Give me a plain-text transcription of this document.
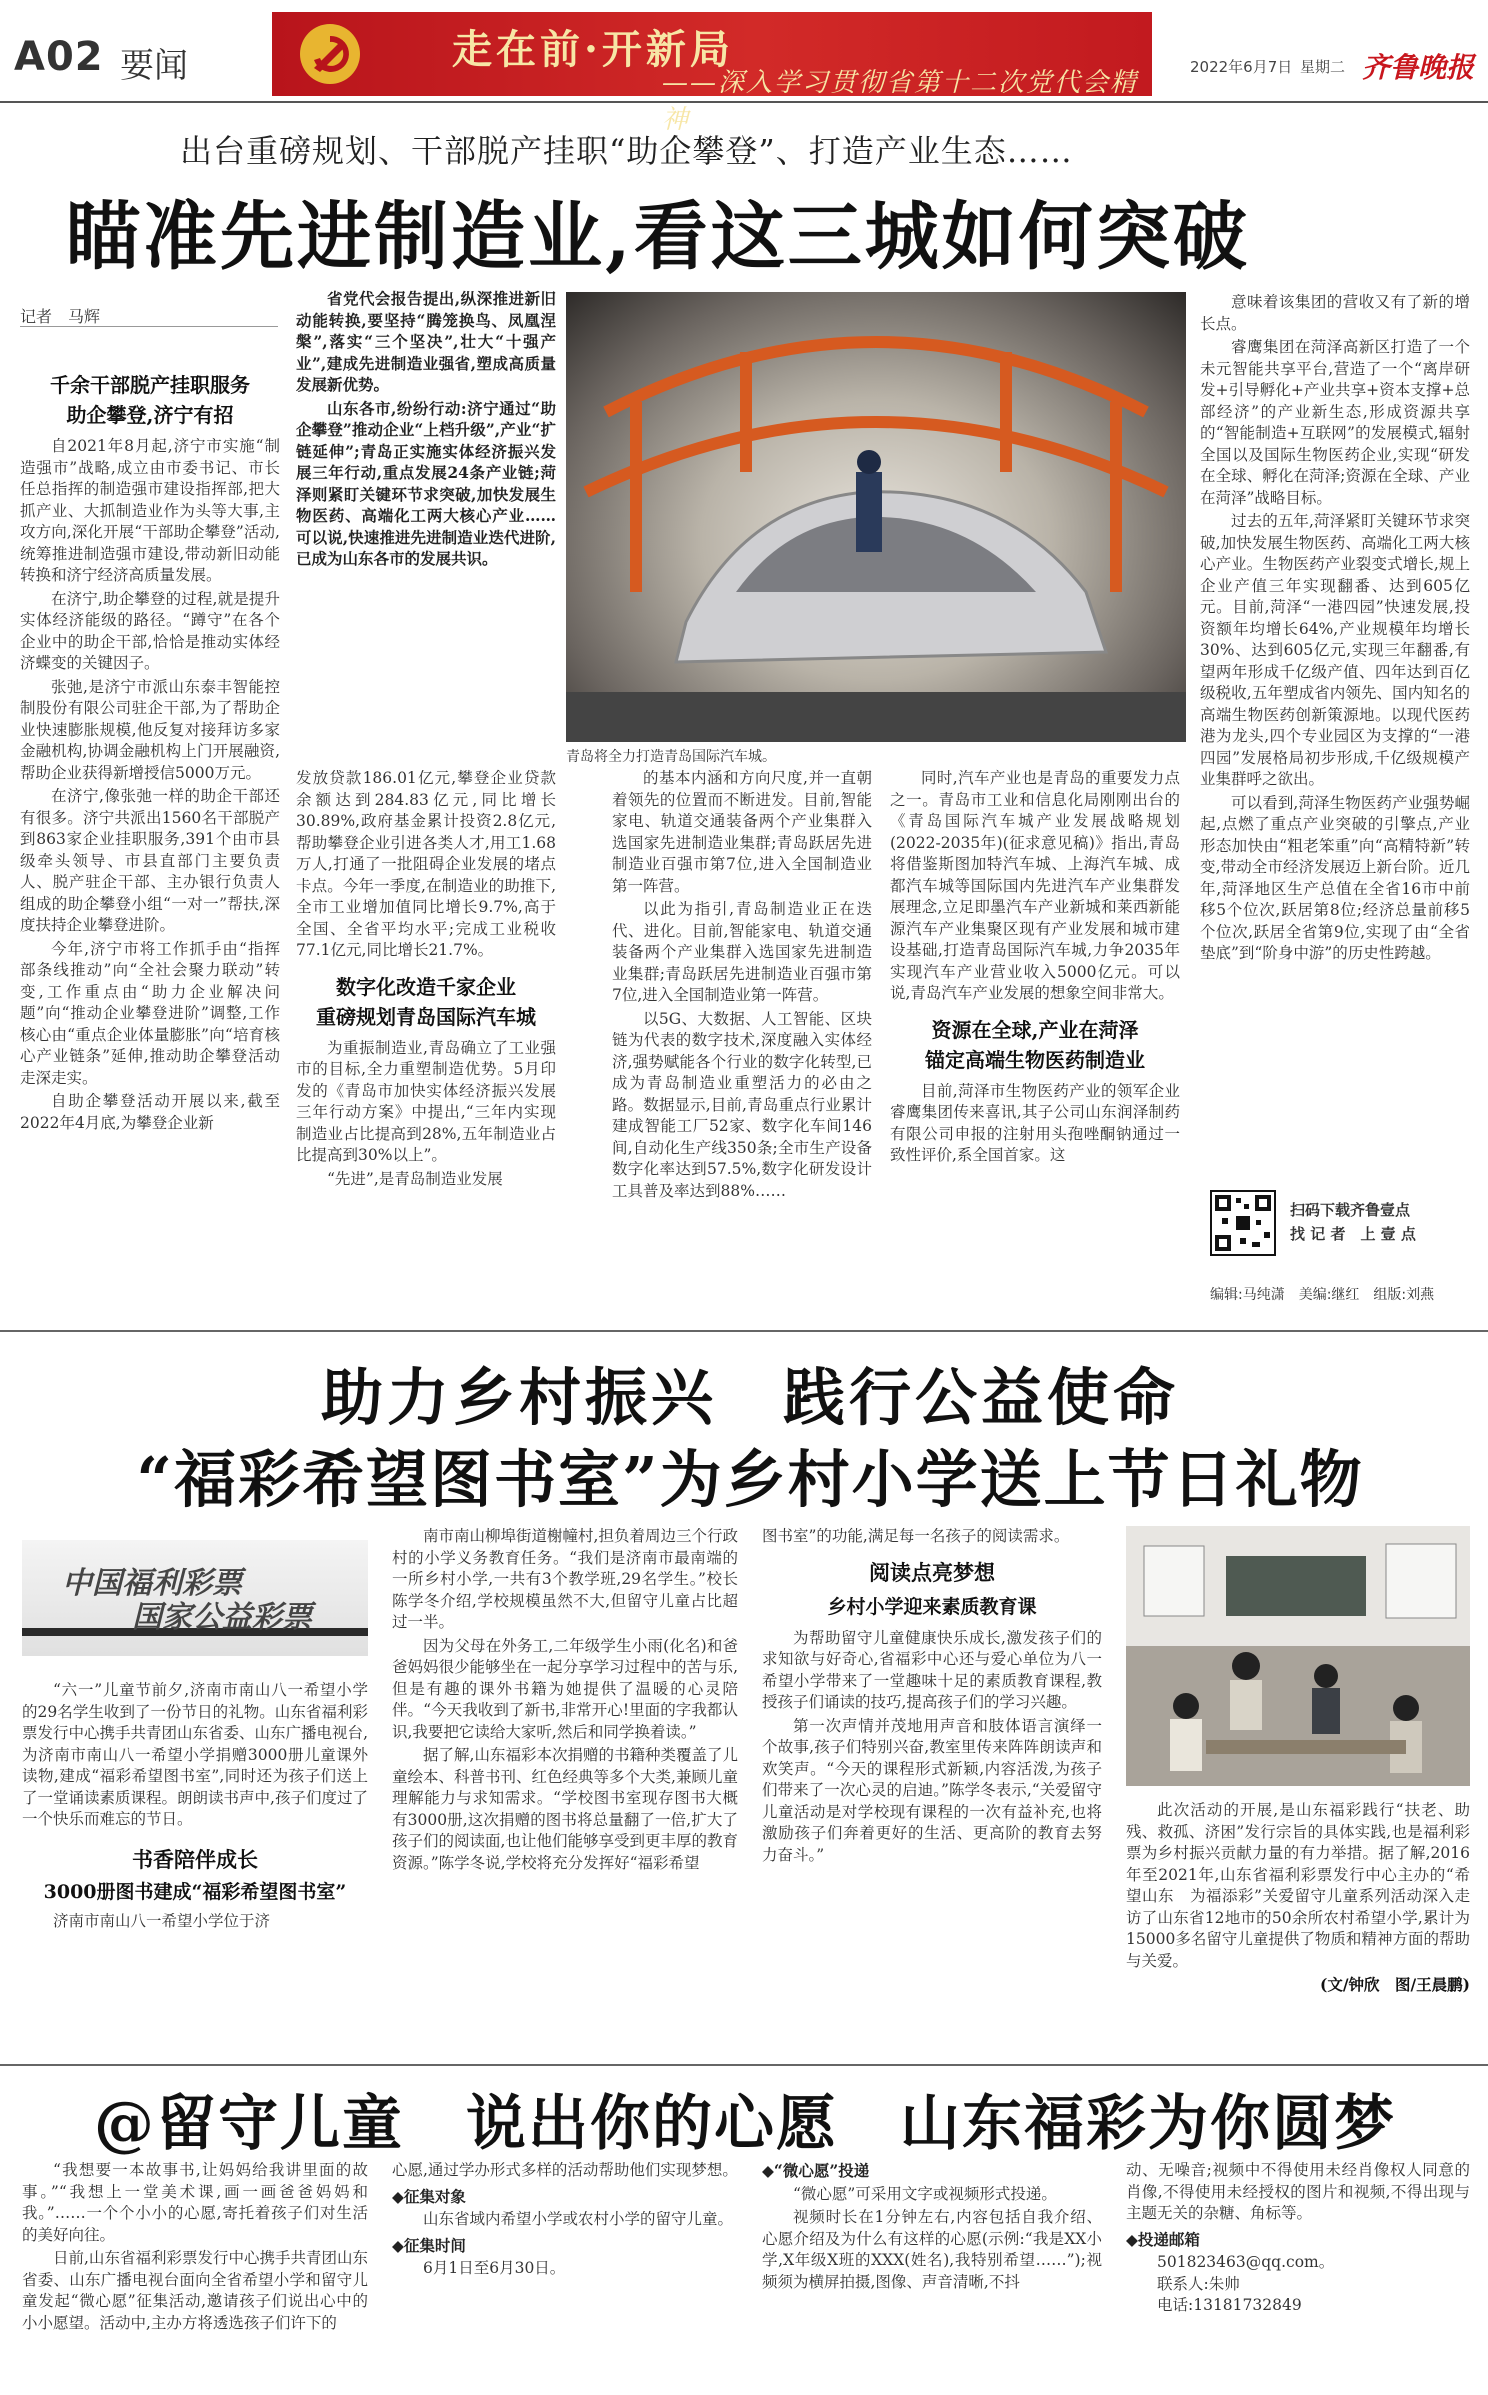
A02 要闻	走在前·开新局
——深入学习贯彻省第十二次党代会精神
2022年6月7日 星期二 齐鲁晚报
出台重磅规划、干部脱产挂职“助企攀登”、打造产业生态……
瞄准先进制造业,看这三城如何突破
记者　马辉
千余干部脱产挂职服务
助企攀登,济宁有招

自2021年8月起,济宁市实施“制造强市”战略,成立由市委书记、市长任总指挥的制造强市建设指挥部,把大抓产业、大抓制造业作为头等大事,主攻方向,深化开展“干部助企攀登”活动,统筹推进制造强市建设,带动新旧动能转换和济宁经济高质量发展。

在济宁,助企攀登的过程,就是提升实体经济能级的路径。“蹲守”在各个企业中的助企干部,恰恰是推动实体经济蝶变的关键因子。

张弛,是济宁市派山东泰丰智能控制股份有限公司驻企干部,为了帮助企业快速膨胀规模,他反复对接拜访多家金融机构,协调金融机构上门开展融资,帮助企业获得新增授信5000万元。

在济宁,像张弛一样的助企干部还有很多。济宁共派出1560名干部脱产到863家企业挂职服务,391个由市县级牵头领导、市县直部门主要负责人、脱产驻企干部、主办银行负责人组成的助企攀登小组“一对一”帮扶,深度扶持企业攀登进阶。

今年,济宁市将工作抓手由“指挥部条线推动”向“全社会聚力联动”转变,工作重点由“助力企业解决问题”向“推动企业攀登进阶”调整,工作核心由“重点企业体量膨胀”向“培育核心产业链条”延伸,推动助企攀登活动走深走实。

自助企攀登活动开展以来,截至2022年4月底,为攀登企业新

省党代会报告提出,纵深推进新旧动能转换,要坚持“腾笼换鸟、凤凰涅槃”,落实“三个坚决”,壮大“十强产业”,建成先进制造业强省,塑成高质量发展新优势。

山东各市,纷纷行动:济宁通过“助企攀登”推动企业“上档升级”,产业“扩链延伸”;青岛正实施实体经济振兴发展三年行动,重点发展24条产业链;菏泽则紧盯关键环节求突破,加快发展生物医药、高端化工两大核心产业……可以说,快速推进先进制造业迭代进阶,已成为山东各市的发展共识。

发放贷款186.01亿元,攀登企业贷款余额达到284.83亿元,同比增长30.89%,政府基金累计投资2.8亿元,帮助攀登企业引进各类人才,用工1.68万人,打通了一批阻碍企业发展的堵点卡点。今年一季度,在制造业的助推下,全市工业增加值同比增长9.7%,高于全国、全省平均水平;完成工业税收77.1亿元,同比增长21.7%。

数字化改造千家企业
重磅规划青岛国际汽车城

为重振制造业,青岛确立了工业强市的目标,全力重塑制造优势。5月印发的《青岛市加快实体经济振兴发展三年行动方案》中提出,“三年内实现制造业占比提高到28%,五年制造业占比提高到30%以上”。

“先进”,是青岛制造业发展

青岛将全力打造青岛国际汽车城。

的基本内涵和方向尺度,并一直朝着领先的位置而不断进发。目前,智能家电、轨道交通装备两个产业集群入选国家先进制造业集群;青岛跃居先进制造业百强市第7位,进入全国制造业第一阵营。

以此为指引,青岛制造业正在迭代、进化。目前,智能家电、轨道交通装备两个产业集群入选国家先进制造业集群;青岛跃居先进制造业百强市第7位,进入全国制造业第一阵营。

以5G、大数据、人工智能、区块链为代表的数字技术,深度融入实体经济,强势赋能各个行业的数字化转型,已成为青岛制造业重塑活力的必由之路。数据显示,目前,青岛重点行业累计建成智能工厂52家、数字化车间146间,自动化生产线350条;全市生产设备数字化率达到57.5%,数字化研发设计工具普及率达到88%……

同时,汽车产业也是青岛的重要发力点之一。青岛市工业和信息化局刚刚出台的《青岛国际汽车城产业发展战略规划(2022-2035年)(征求意见稿)》指出,青岛将借鉴斯图加特汽车城、上海汽车城、成都汽车城等国际国内先进汽车产业集群发展理念,立足即墨汽车产业新城和莱西新能源汽车产业集聚区现有产业发展和城市建设基础,打造青岛国际汽车城,力争2035年实现汽车产业营业收入5000亿元。可以说,青岛汽车产业发展的想象空间非常大。

资源在全球,产业在菏泽
锚定高端生物医药制造业

目前,菏泽市生物医药产业的领军企业睿鹰集团传来喜讯,其子公司山东润泽制药有限公司申报的注射用头孢唑酮钠通过一致性评价,系全国首家。这

意味着该集团的营收又有了新的增长点。

睿鹰集团在菏泽高新区打造了一个未元智能共享平台,营造了一个“离岸研发+引导孵化+产业共享+资本支撑+总部经济”的产业新生态,形成资源共享的“智能制造+互联网”的发展模式,辐射全国以及国际生物医药企业,实现“研发在全球、孵化在菏泽;资源在全球、产业在菏泽”战略目标。

过去的五年,菏泽紧盯关键环节求突破,加快发展生物医药、高端化工两大核心产业。生物医药产业裂变式增长,规上企业产值三年实现翻番、达到605亿元。目前,菏泽“一港四园”快速发展,投资额年均增长64%,产业规模年均增长30%、达到605亿元,实现三年翻番,有望两年形成千亿级产值、四年达到百亿级税收,五年塑成省内领先、国内知名的高端生物医药创新策源地。以现代医药港为龙头,四个专业园区为支撑的“一港四园”发展格局初步形成,千亿级规模产业集群呼之欲出。

可以看到,菏泽生物医药产业强势崛起,点燃了重点产业突破的引擎点,产业形态加快由“粗老笨重”向“高精特新”转变,带动全市经济发展迈上新台阶。近几年,菏泽地区生产总值在全省16市中前移5个位次,跃居第8位;经济总量前移5个位次,跃居全省第9位,实现了由“全省垫底”到“阶身中游”的历史性跨越。

扫码下载齐鲁壹点
找 记 者　上 壹 点
编辑:马纯潇　美编:继红　组版:刘燕
助力乡村振兴　践行公益使命
“福彩希望图书室”为乡村小学送上节日礼物
中国福利彩票
国家公益彩票

“六一”儿童节前夕,济南市南山八一希望小学的29名学生收到了一份节日的礼物。山东省福利彩票发行中心携手共青团山东省委、山东广播电视台,为济南市南山八一希望小学捐赠3000册儿童课外读物,建成“福彩希望图书室”,同时还为孩子们送上了一堂诵读素质课程。朗朗读书声中,孩子们度过了一个快乐而难忘的节日。

书香陪伴成长
3000册图书建成“福彩希望图书室”

济南市南山八一希望小学位于济

南市南山柳埠街道榭幢村,担负着周边三个行政村的小学义务教育任务。“我们是济南市最南端的一所乡村小学,一共有3个教学班,29名学生。”校长陈学冬介绍,学校规模虽然不大,但留守儿童占比超过一半。

因为父母在外务工,二年级学生小雨(化名)和爸爸妈妈很少能够坐在一起分享学习过程中的苦与乐,但是有趣的课外书籍为她提供了温暖的心灵陪伴。“今天我收到了新书,非常开心!里面的字我都认识,我要把它读给大家听,然后和同学换着读。”

据了解,山东福彩本次捐赠的书籍种类覆盖了儿童绘本、科普书刊、红色经典等多个大类,兼顾儿童理解能力与求知需求。“学校图书室现存图书大概有3000册,这次捐赠的图书将总量翻了一倍,扩大了孩子们的阅读面,也让他们能够享受到更丰厚的教育资源。”陈学冬说,学校将充分发挥好“福彩希望

图书室”的功能,满足每一名孩子的阅读需求。

阅读点亮梦想
乡村小学迎来素质教育课

为帮助留守儿童健康快乐成长,激发孩子们的求知欲与好奇心,省福彩中心还与爱心单位为八一希望小学带来了一堂趣味十足的素质教育课程,教授孩子们诵读的技巧,提高孩子们的学习兴趣。

第一次声情并茂地用声音和肢体语言演绎一个故事,孩子们特别兴奋,教室里传来阵阵朗读声和欢笑声。“今天的课程形式新颖,内容活泼,为孩子们带来了一次心灵的启迪。”陈学冬表示,“关爱留守儿童活动是对学校现有课程的一次有益补充,也将激励孩子们奔着更好的生活、更高阶的教育去努力奋斗。”

此次活动的开展,是山东福彩践行“扶老、助残、救孤、济困”发行宗旨的具体实践,也是福利彩票为乡村振兴贡献力量的有力举措。据了解,2016年至2021年,山东省福利彩票发行中心主办的“希望山东　为福添彩”关爱留守儿童系列活动深入走访了山东省12地市的50余所农村希望小学,累计为15000多名留守儿童提供了物质和精神方面的帮助与关爱。

(文/钟欣　图/王晨鹏)
@留守儿童　说出你的心愿　山东福彩为你圆梦

“我想要一本故事书,让妈妈给我讲里面的故事。”“我想上一堂美术课,画一画爸爸妈妈和我。”……一个个小小的心愿,寄托着孩子们对生活的美好向往。

日前,山东省福利彩票发行中心携手共青团山东省委、山东广播电视台面向全省希望小学和留守儿童发起“微心愿”征集活动,邀请孩子们说出心中的小小愿望。活动中,主办方将透选孩子们许下的

心愿,通过学办形式多样的活动帮助他们实现梦想。

◆征集对象

山东省域内希望小学或农村小学的留守儿童。

◆征集时间

6月1日至6月30日。

◆“微心愿”投递

“微心愿”可采用文字或视频形式投递。

视频时长在1分钟左右,内容包括自我介绍、心愿介绍及为什么有这样的心愿(示例:“我是XX小学,X年级X班的XXX(姓名),我特别希望……”);视频须为横屏拍摄,图像、声音清晰,不抖

动、无噪音;视频中不得使用未经肖像权人同意的肖像,不得使用未经授权的图片和视频,不得出现与主题无关的杂糖、角标等。

◆投递邮箱
501823463@qq.com。
联系人:朱帅
电话:13181732849
